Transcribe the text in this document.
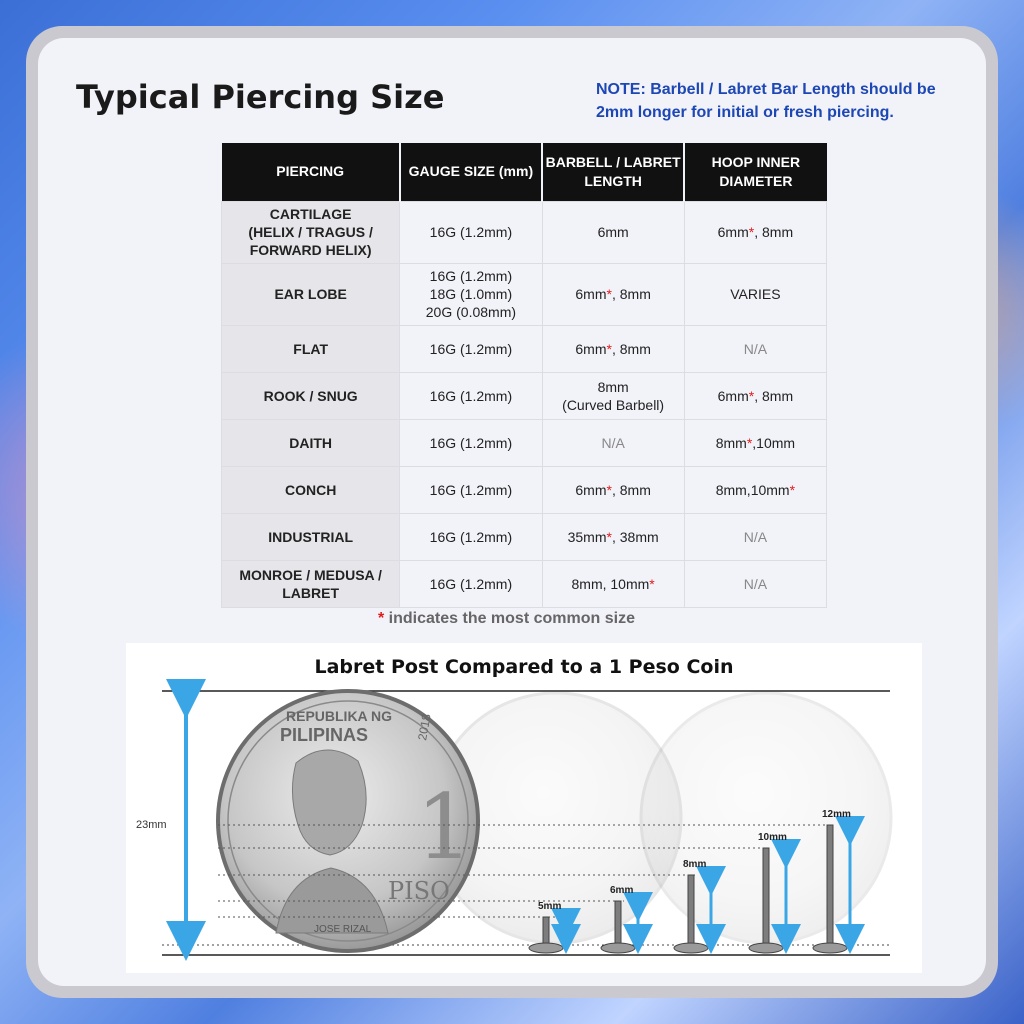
Typical Piercing Size	NOTE: Barbell / Labret Bar Length should be 2mm longer for initial or fresh piercing.
PIERCING	GAUGE SIZE (mm)	BARBELL / LABRET LENGTH	HOOP INNER DIAMETER
CARTILAGE
(HELIX / TRAGUS /
FORWARD HELIX)	16G (1.2mm)	6mm	6mm*, 8mm
EAR LOBE	16G (1.2mm)
18G (1.0mm)
20G (0.08mm)	6mm*, 8mm	VARIES
FLAT	16G (1.2mm)	6mm*, 8mm	N/A
ROOK / SNUG	16G (1.2mm)	8mm
(Curved Barbell)	6mm*, 8mm
DAITH	16G (1.2mm)	N/A	8mm*,10mm
CONCH	16G (1.2mm)	6mm*, 8mm	8mm,10mm*
INDUSTRIAL	16G (1.2mm)	35mm*, 38mm	N/A
MONROE / MEDUSA /
LABRET	16G (1.2mm)	8mm, 10mm*	N/A
* indicates the most common size
Labret Post Compared to a 1 Peso Coin
REPUBLIKA NG
PILIPINAS	2018
1
PISO
JOSE RIZAL
23mm
5mm
6mm
8mm
10mm
12mm
